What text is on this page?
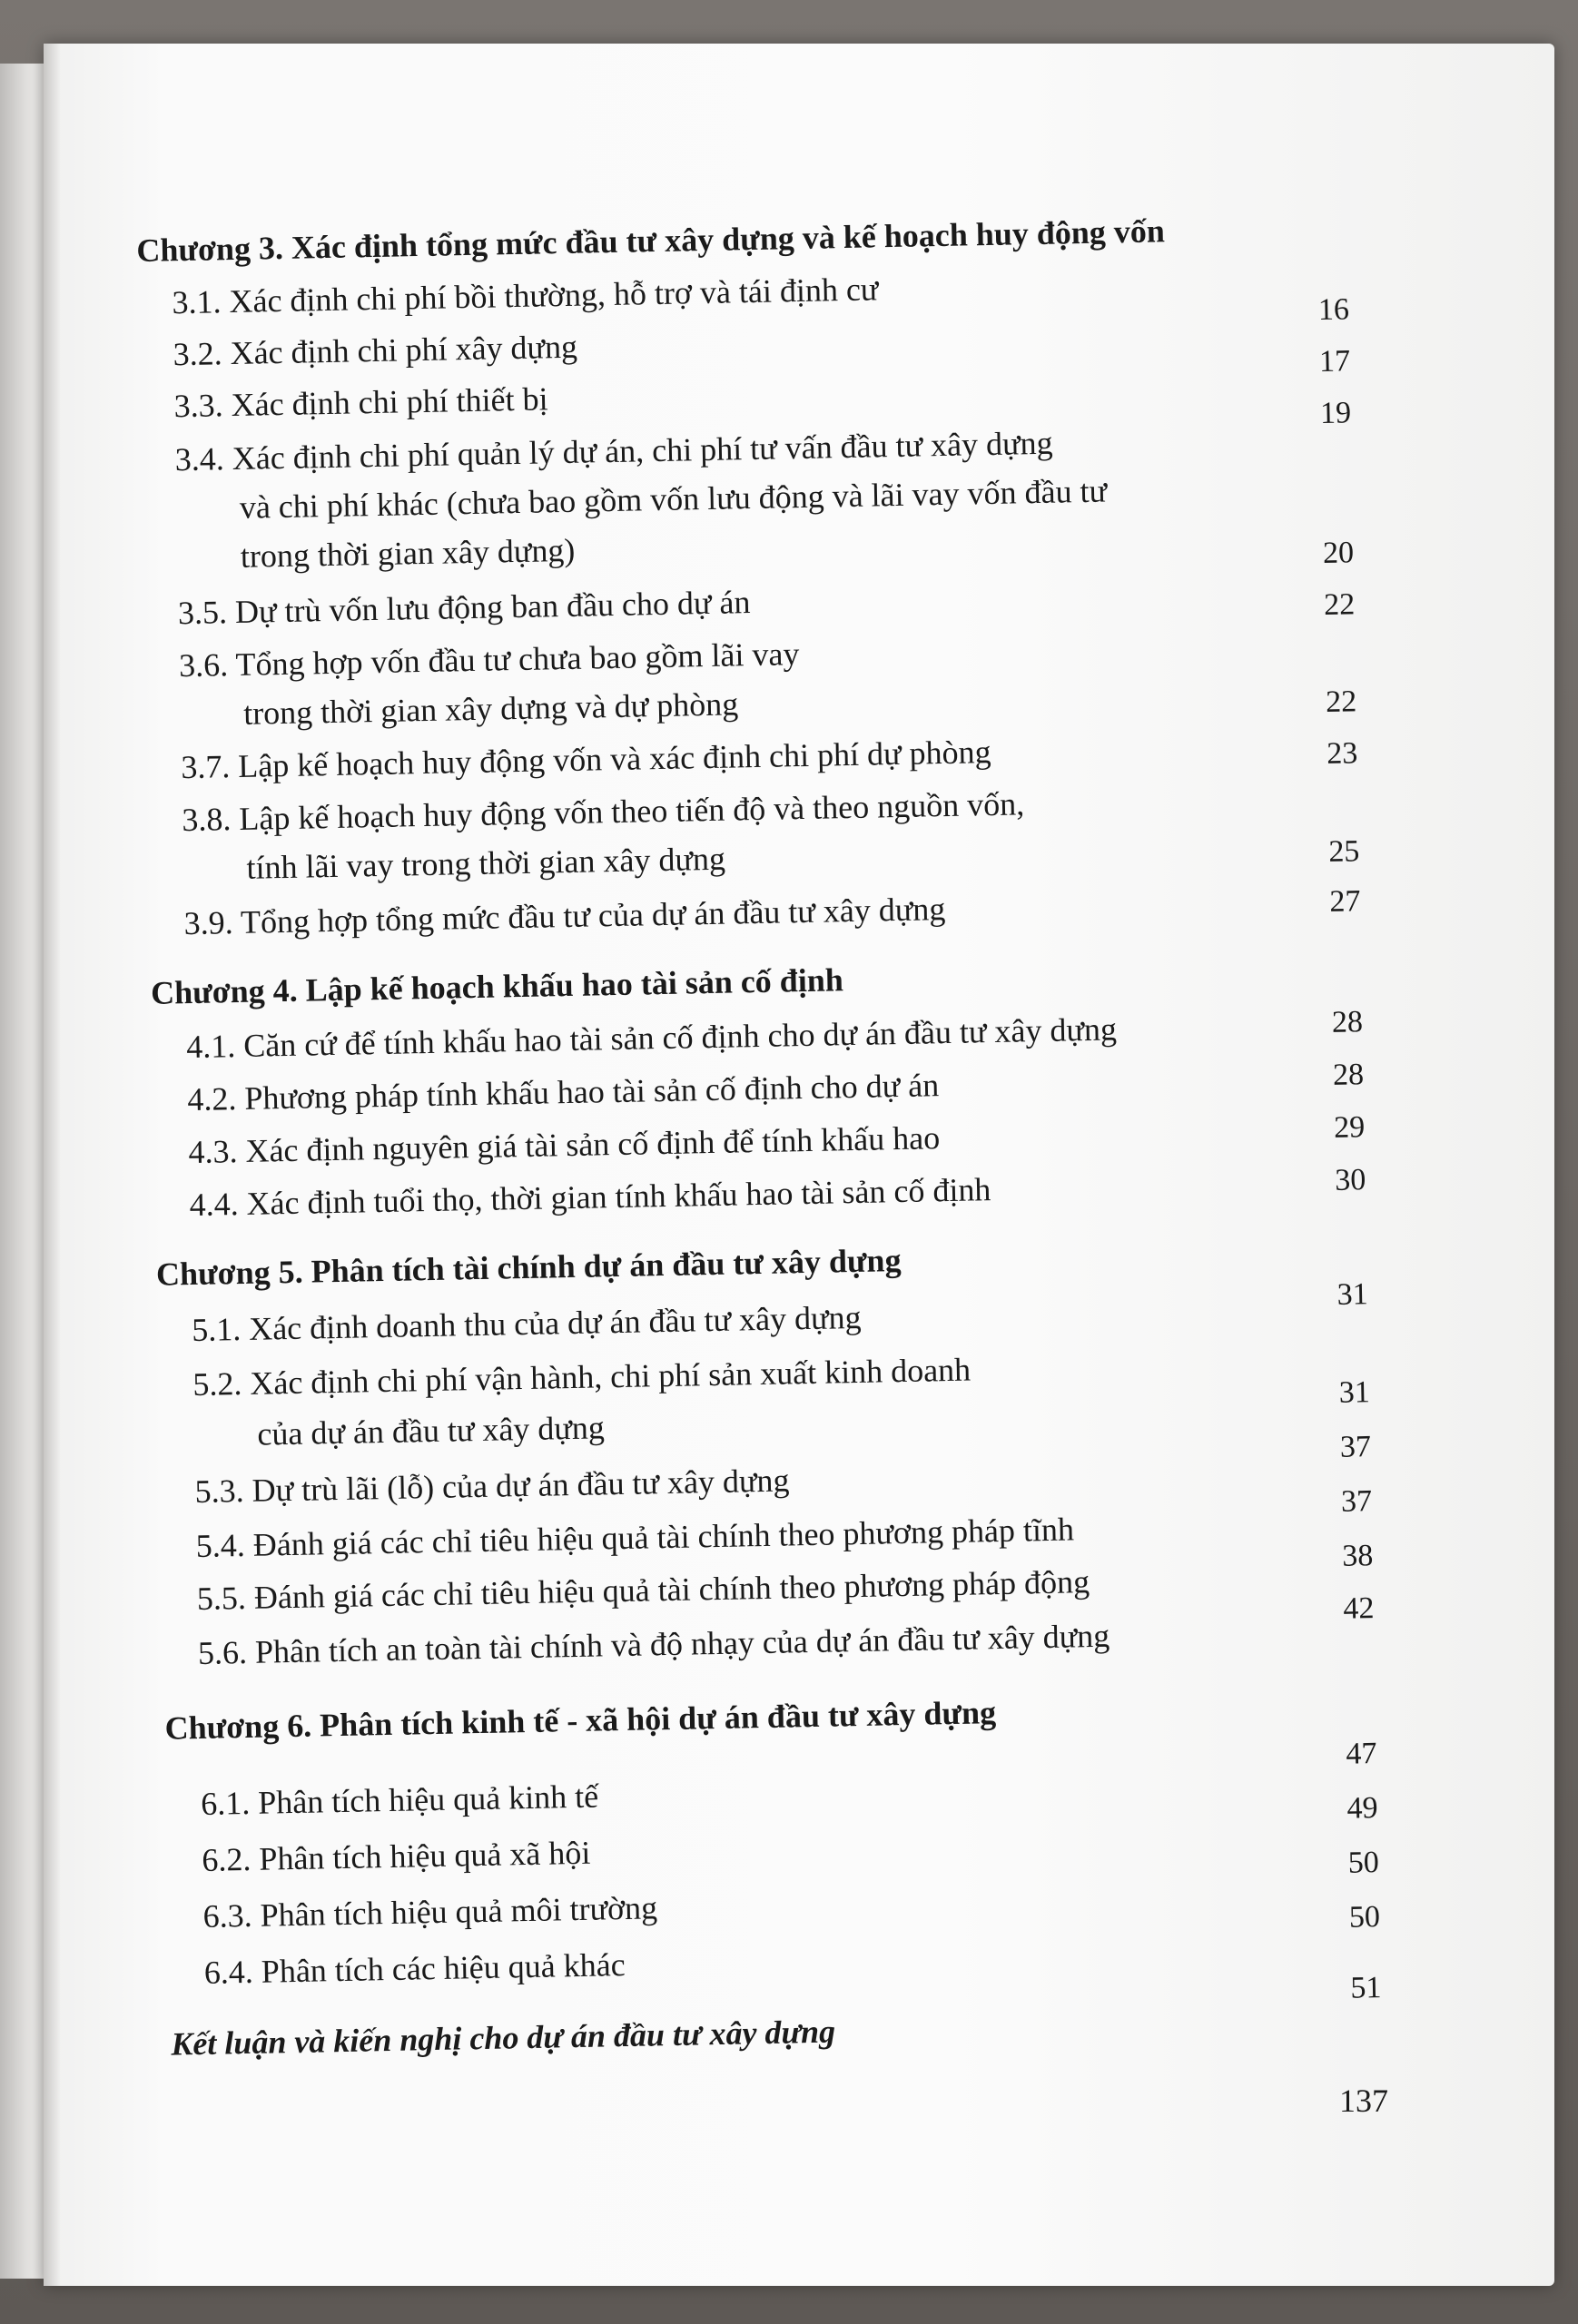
Chương 3. Xác định tổng mức đầu tư xây dựng và kế hoạch huy động vốn
3.1. Xác định chi phí bồi thường, hỗ trợ và tái định cư
3.2. Xác định chi phí xây dựng
3.3. Xác định chi phí thiết bị
3.4. Xác định chi phí quản lý dự án, chi phí tư vấn đầu tư xây dựng
và chi phí khác (chưa bao gồm vốn lưu động và lãi vay vốn đầu tư
trong thời gian xây dựng)
3.5. Dự trù vốn lưu động ban đầu cho dự án
3.6. Tổng hợp vốn đầu tư chưa bao gồm lãi vay
trong thời gian xây dựng và dự phòng
3.7. Lập kế hoạch huy động vốn và xác định chi phí dự phòng
3.8. Lập kế hoạch huy động vốn theo tiến độ và theo nguồn vốn,
tính lãi vay trong thời gian xây dựng
3.9. Tổng hợp tổng mức đầu tư của dự án đầu tư xây dựng
16
17
19
20
22
22
23
25
27
Chương 4. Lập kế hoạch khấu hao tài sản cố định
4.1. Căn cứ để tính khấu hao tài sản cố định cho dự án đầu tư xây dựng
4.2. Phương pháp tính khấu hao tài sản cố định cho dự án
4.3. Xác định nguyên giá tài sản cố định để tính khấu hao
4.4. Xác định tuổi thọ, thời gian tính khấu hao tài sản cố định
28
28
29
30
Chương 5. Phân tích tài chính dự án đầu tư xây dựng
5.1. Xác định doanh thu của dự án đầu tư xây dựng
5.2. Xác định chi phí vận hành, chi phí sản xuất kinh doanh
của dự án đầu tư xây dựng
5.3. Dự trù lãi (lỗ) của dự án đầu tư xây dựng
5.4. Đánh giá các chỉ tiêu hiệu quả tài chính theo phương pháp tĩnh
5.5. Đánh giá các chỉ tiêu hiệu quả tài chính theo phương pháp động
5.6. Phân tích an toàn tài chính và độ nhạy của dự án đầu tư xây dựng
31
31
37
37
38
42
Chương 6. Phân tích kinh tế - xã hội dự án đầu tư xây dựng
6.1. Phân tích hiệu quả kinh tế
6.2. Phân tích hiệu quả xã hội
6.3. Phân tích hiệu quả môi trường
6.4. Phân tích các hiệu quả khác
47
49
50
50
Kết luận và kiến nghị cho dự án đầu tư xây dựng
51
137
